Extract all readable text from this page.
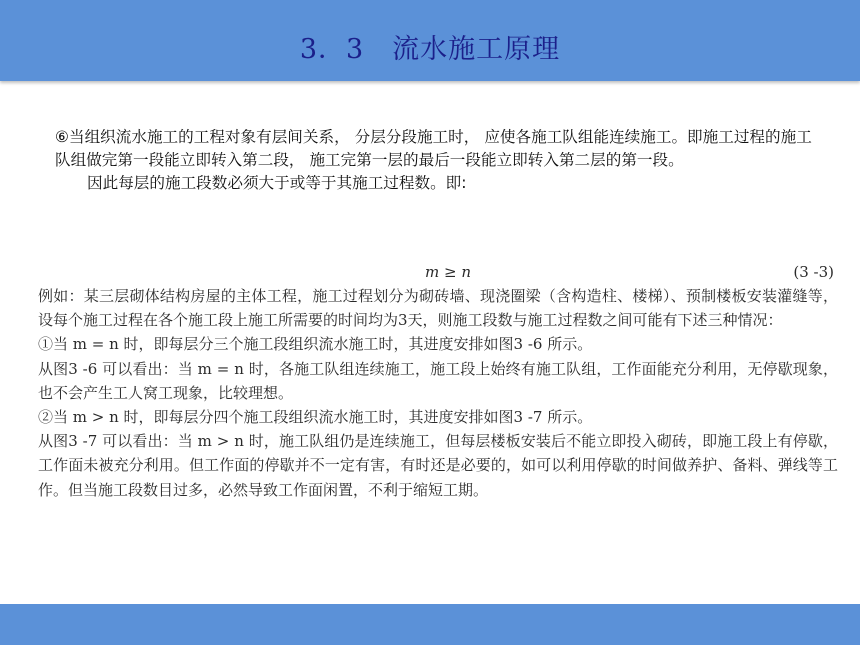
3．3　流水施工原理

⑥当组织流水施工的工程对象有层间关系， 分层分段施工时， 应使各施工队组能连续施工。即施工过程的施工队组做完第一段能立即转入第二段， 施工完第一层的最后一段能立即转入第二层的第一段。

因此每层的施工段数必须大于或等于其施工过程数。即:

m ≥ n	(3 -3)

例如：某三层砌体结构房屋的主体工程，施工过程划分为砌砖墙、现浇圈梁（含构造柱、楼梯）、预制楼板安装灌缝等，设每个施工过程在各个施工段上施工所需要的时间均为3天，则施工段数与施工过程数之间可能有下述三种情况：

①当 m = n 时，即每层分三个施工段组织流水施工时，其进度安排如图3 -6 所示。

从图3 -6 可以看出：当 m = n 时，各施工队组连续施工，施工段上始终有施工队组，工作面能充分利用，无停歇现象，也不会产生工人窝工现象，比较理想。

②当 m > n 时，即每层分四个施工段组织流水施工时，其进度安排如图3 -7 所示。

从图3 -7 可以看出：当 m > n 时，施工队组仍是连续施工，但每层楼板安装后不能立即投入砌砖，即施工段上有停歇，工作面未被充分利用。但工作面的停歇并不一定有害，有时还是必要的，如可以利用停歇的时间做养护、备料、弹线等工作。但当施工段数目过多，必然导致工作面闲置，不利于缩短工期。
